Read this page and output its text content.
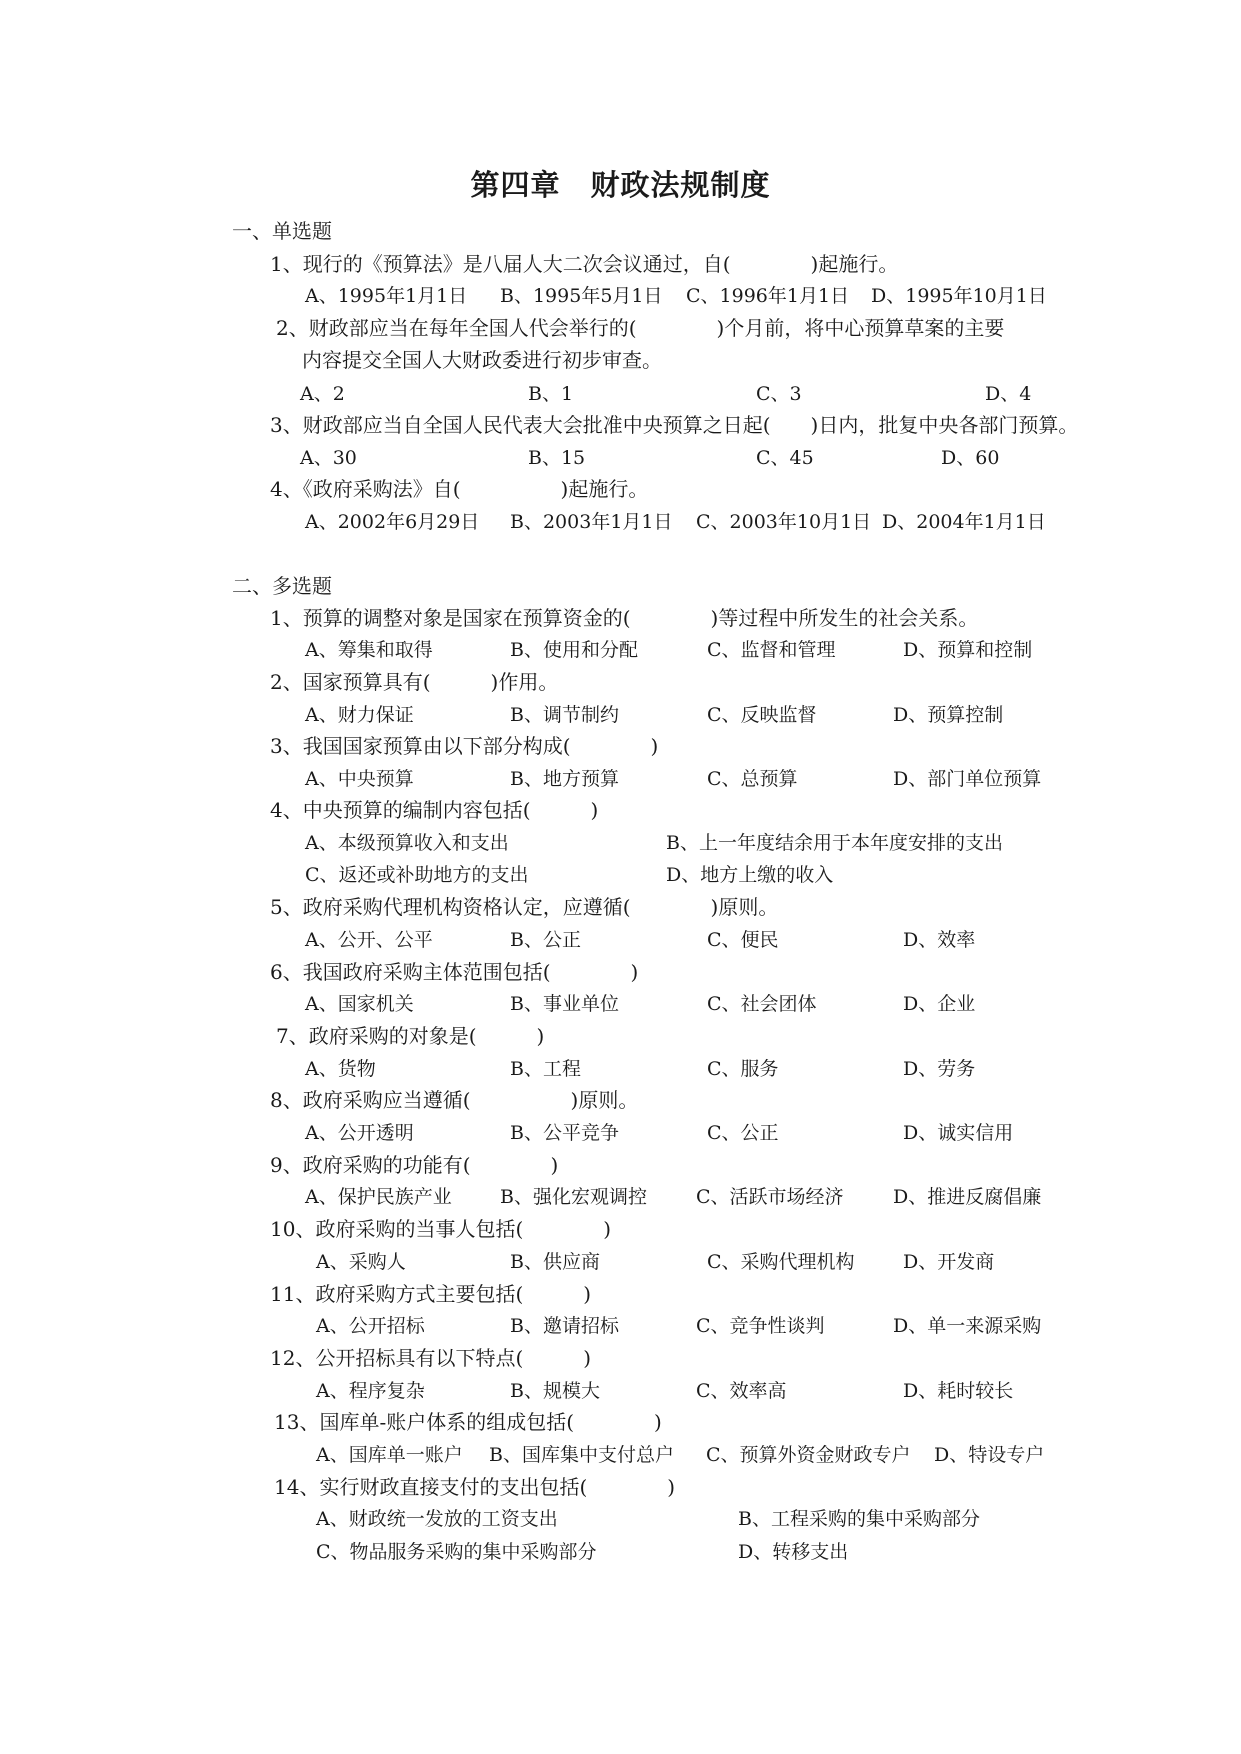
第四章　财政法规制度
一、单选题
1、现行的《预算法》是八届人大二次会议通过，自(　　　　)起施行。
A、1995年1月1日 B、1995年5月1日 C、1996年1月1日 D、1995年10月1日
2、财政部应当在每年全国人代会举行的(　　　　)个月前，将中心预算草案的主要
内容提交全国人大财政委进行初步审查。
A、2	B、1	C、3	D、4
3、财政部应当自全国人民代表大会批准中央预算之日起(　　)日内，批复中央各部门预算。
A、30	B、15	C、45	D、60
4、《政府采购法》自(　　　　　)起施行。
A、2002年6月29日 B、2003年1月1日 C、2003年10月1日 D、2004年1月1日
二、多选题
1、预算的调整对象是国家在预算资金的(　　　　)等过程中所发生的社会关系。
A、筹集和取得	B、使用和分配	C、监督和管理	D、预算和控制
2、国家预算具有(　　　)作用。
A、财力保证	B、调节制约	C、反映监督	D、预算控制
3、我国国家预算由以下部分构成(　　　　)
A、中央预算	B、地方预算	C、总预算	D、部门单位预算
4、中央预算的编制内容包括(　　　)
A、本级预算收入和支出	B、上一年度结余用于本年度安排的支出
C、返还或补助地方的支出	D、地方上缴的收入
5、政府采购代理机构资格认定，应遵循(　　　　)原则。
A、公开、公平	B、公正	C、便民	D、效率
6、我国政府采购主体范围包括(　　　　)
A、国家机关	B、事业单位	C、社会团体	D、企业
7、政府采购的对象是(　　　)
A、货物	B、工程	C、服务	D、劳务
8、政府采购应当遵循(　　　　　)原则。
A、公开透明	B、公平竞争	C、公正	D、诚实信用
9、政府采购的功能有(　　　　)
A、保护民族产业	B、强化宏观调控	C、活跃市场经济	D、推进反腐倡廉
10、政府采购的当事人包括(　　　　)
A、采购人	B、供应商	C、采购代理机构	D、开发商
11、政府采购方式主要包括(　　　)
A、公开招标	B、邀请招标	C、竞争性谈判	D、单一来源采购
12、公开招标具有以下特点(　　　)
A、程序复杂	B、规模大	C、效率高	D、耗时较长
13、国库单-账户体系的组成包括(　　　　)
A、国库单一账户 B、国库集中支付总户 C、预算外资金财政专户 D、特设专户
14、实行财政直接支付的支出包括(　　　　)
A、财政统一发放的工资支出	B、工程采购的集中采购部分
C、物品服务采购的集中采购部分	D、转移支出
